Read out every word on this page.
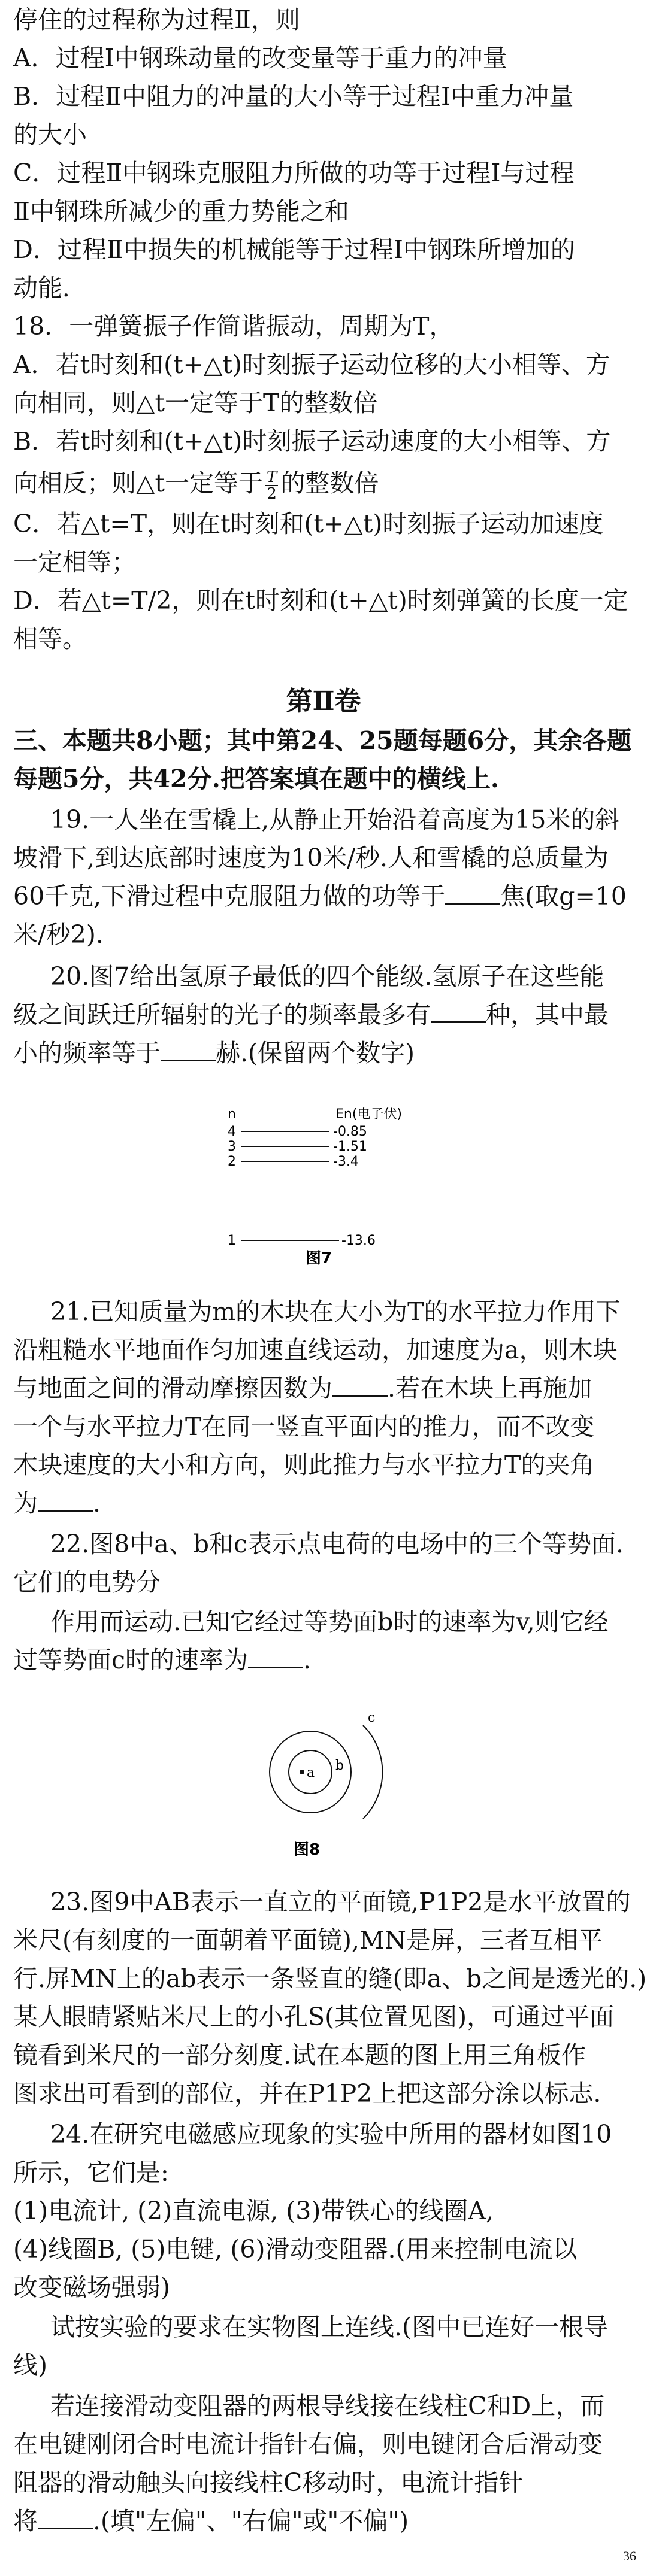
停住的过程称为过程Ⅱ，则
A．过程Ⅰ中钢珠动量的改变量等于重力的冲量
B．过程Ⅱ中阻力的冲量的大小等于过程Ⅰ中重力冲量
的大小
C．过程Ⅱ中钢珠克服阻力所做的功等于过程Ⅰ与过程
Ⅱ中钢珠所减少的重力势能之和
D．过程Ⅱ中损失的机械能等于过程Ⅰ中钢珠所增加的
动能．
18．一弹簧振子作简谐振动，周期为T，
A．若t时刻和(t+△t)时刻振子运动位移的大小相等、方
向相同，则△t一定等于T的整数倍
B．若t时刻和(t+△t)时刻振子运动速度的大小相等、方
向相反；则△t一定等于 $\frac{T}{2}$ 的整数倍
C．若△t=T，则在t时刻和(t+△t)时刻振子运动加速度
一定相等；
D．若△t=T/2，则在t时刻和(t+△t)时刻弹簧的长度一定
相等。
第Ⅱ卷
三、本题共8小题；其中第24、25题每题6分，其余各题
每题5分，共42分.把答案填在题中的横线上.
19.一人坐在雪橇上,从静止开始沿着高度为15米的斜
坡滑下,到达底部时速度为10米/秒.人和雪橇的总质量为
60千克,下滑过程中克服阻力做的功等于 焦(取g=10
米/秒2).
20.图7给出氢原子最低的四个能级.氢原子在这些能
级之间跃迁所辐射的光子的频率最多有 种，其中最
小的频率等于 赫.(保留两个数字)
n	En(电子伏)
4	-0.85
3	-1.51
2	-3.4
1	-13.6
图7
21.已知质量为m的木块在大小为T的水平拉力作用下
沿粗糙水平地面作匀加速直线运动，加速度为a，则木块
与地面之间的滑动摩擦因数为 .若在木块上再施加
一个与水平拉力T在同一竖直平面内的推力，而不改变
木块速度的大小和方向，则此推力与水平拉力T的夹角
为 .
22.图8中a、b和c表示点电荷的电场中的三个等势面.
它们的电势分
作用而运动.已知它经过等势面b时的速率为v,则它经
过等势面c时的速率为 .
a b
c
图8
23.图9中AB表示一直立的平面镜,P1P2是水平放置的
米尺(有刻度的一面朝着平面镜),MN是屏，三者互相平
行.屏MN上的ab表示一条竖直的缝(即a、b之间是透光的.)
某人眼睛紧贴米尺上的小孔S(其位置见图)，可通过平面
镜看到米尺的一部分刻度.试在本题的图上用三角板作
图求出可看到的部位，并在P1P2上把这部分涂以标志.
24.在研究电磁感应现象的实验中所用的器材如图10
所示，它们是:
(1)电流计, (2)直流电源, (3)带铁心的线圈A,
(4)线圈B, (5)电键, (6)滑动变阻器.(用来控制电流以
改变磁场强弱)
试按实验的要求在实物图上连线.(图中已连好一根导
线)
若连接滑动变阻器的两根导线接在线柱C和D上，而
在电键刚闭合时电流计指针右偏，则电键闭合后滑动变
阻器的滑动触头向接线柱C移动时，电流计指针
将 .(填"左偏"、"右偏"或"不偏")
36
